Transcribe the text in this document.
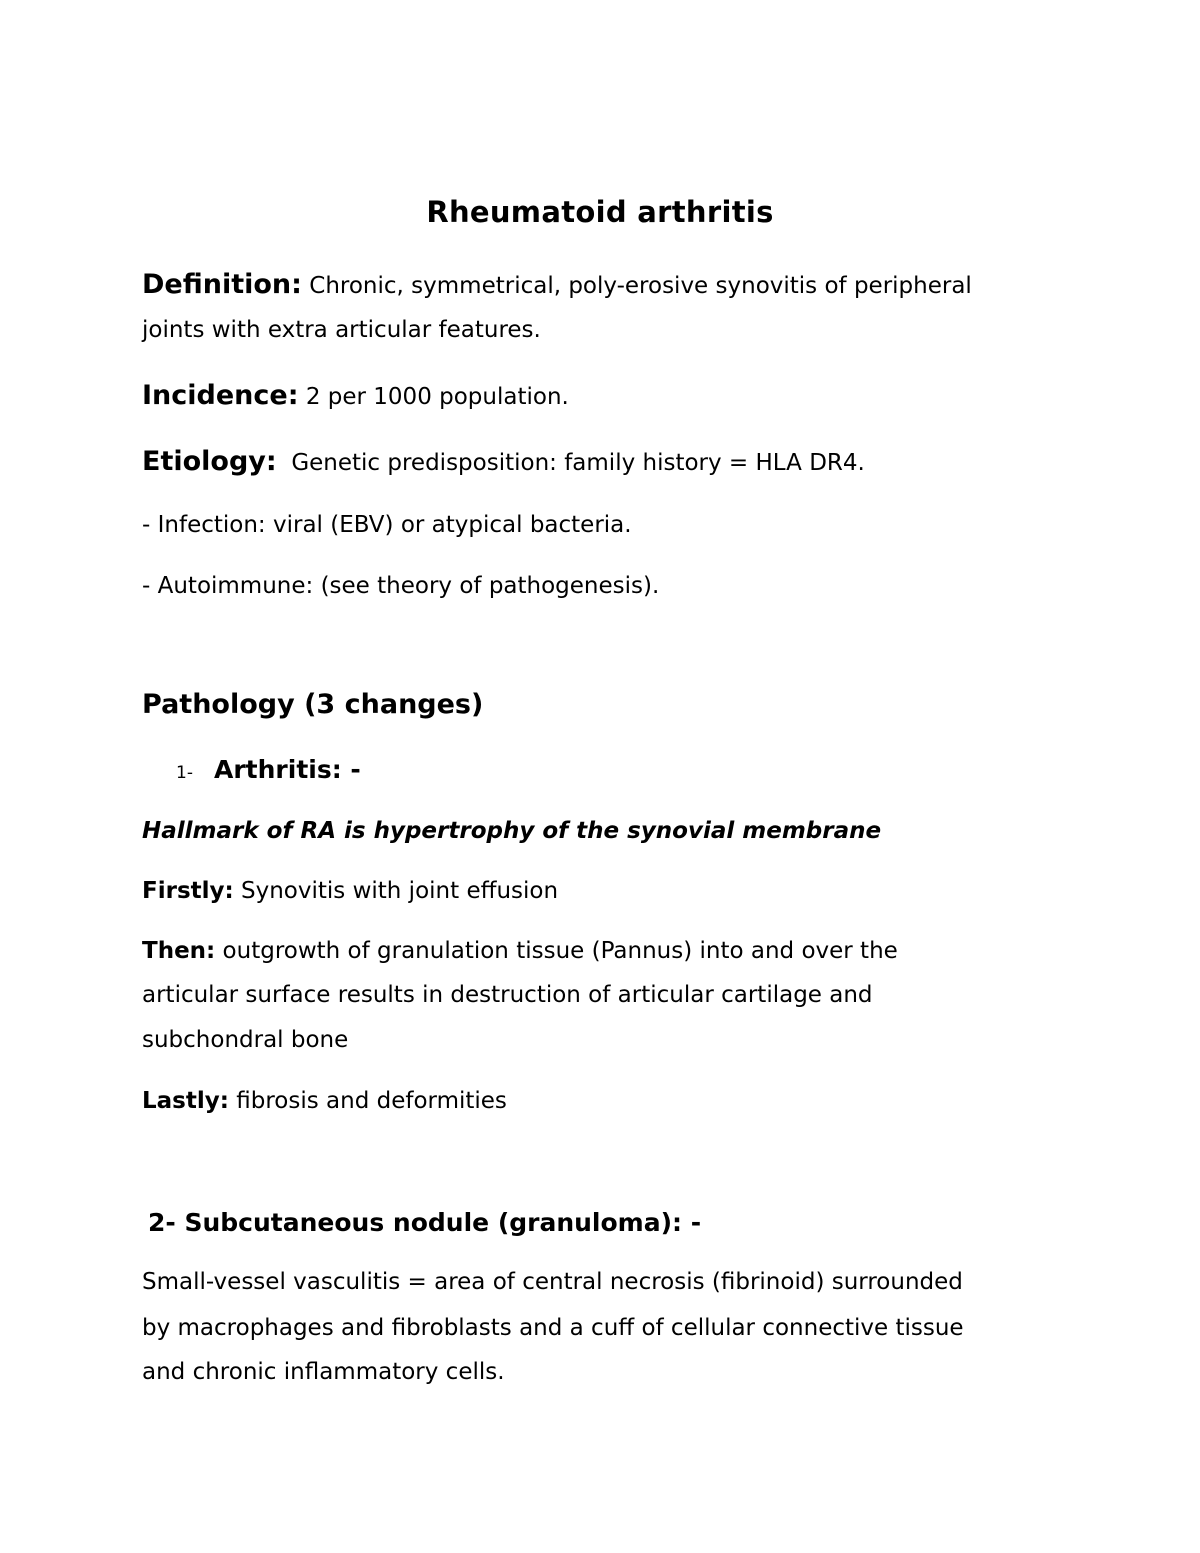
Rheumatoid arthritis
Definition: Chronic, symmetrical, poly-erosive synovitis of peripheral
joints with extra articular features.
Incidence: 2 per 1000 population.
Etiology: Genetic predisposition: family history = HLA DR4.
- Infection: viral (EBV) or atypical bacteria.
- Autoimmune: (see theory of pathogenesis).
Pathology (3 changes)
1- Arthritis: -
Hallmark of RA is hypertrophy of the synovial membrane
Firstly: Synovitis with joint effusion
Then: outgrowth of granulation tissue (Pannus) into and over the
articular surface results in destruction of articular cartilage and
subchondral bone
Lastly: fibrosis and deformities
2- Subcutaneous nodule (granuloma): -
Small-vessel vasculitis = area of central necrosis (fibrinoid) surrounded
by macrophages and fibroblasts and a cuff of cellular connective tissue
and chronic inflammatory cells.
